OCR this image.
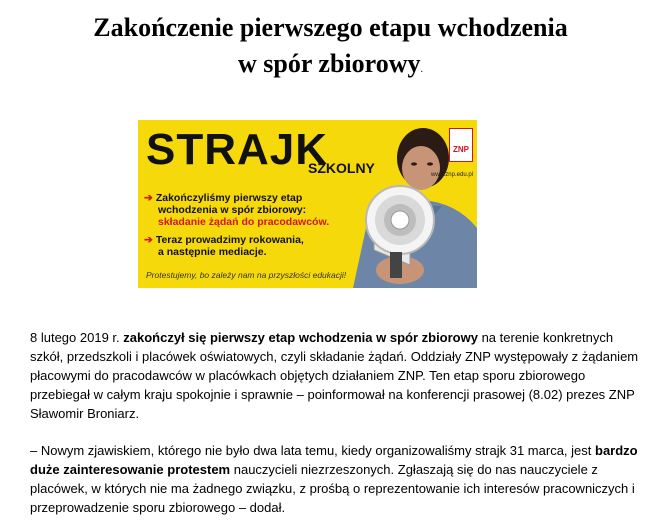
Zakończenie pierwszego etapu wchodzenia
w spór zbiorowy.
STRAJK
SZKOLNY
➔ Zakończyliśmy pierwszy etap
wchodzenia w spór zbiorowy:
składanie żądań do pracodawców.
➔ Teraz prowadzimy rokowania,
a następnie mediacje.
Protestujemy, bo zależy nam na przyszłości edukacji!
ZNP
www.znp.edu.pl
8 lutego 2019 r. zakończył się pierwszy etap wchodzenia w spór zbiorowy na terenie konkretnych szkół, przedszkoli i placówek oświatowych, czyli składanie żądań. Oddziały ZNP występowały z żądaniem płacowymi do pracodawców w placówkach objętych działaniem ZNP. Ten etap sporu zbiorowego przebiegał w całym kraju spokojnie i sprawnie – poinformował na konferencji prasowej (8.02) prezes ZNP Sławomir Broniarz.
– Nowym zjawiskiem, którego nie było dwa lata temu, kiedy organizowaliśmy strajk 31 marca, jest bardzo duże zainteresowanie protestem nauczycieli niezrzeszonych. Zgłaszają się do nas nauczyciele z placówek, w których nie ma żadnego związku, z prośbą o reprezentowanie ich interesów pracowniczych i przeprowadzenie sporu zbiorowego – dodał.
